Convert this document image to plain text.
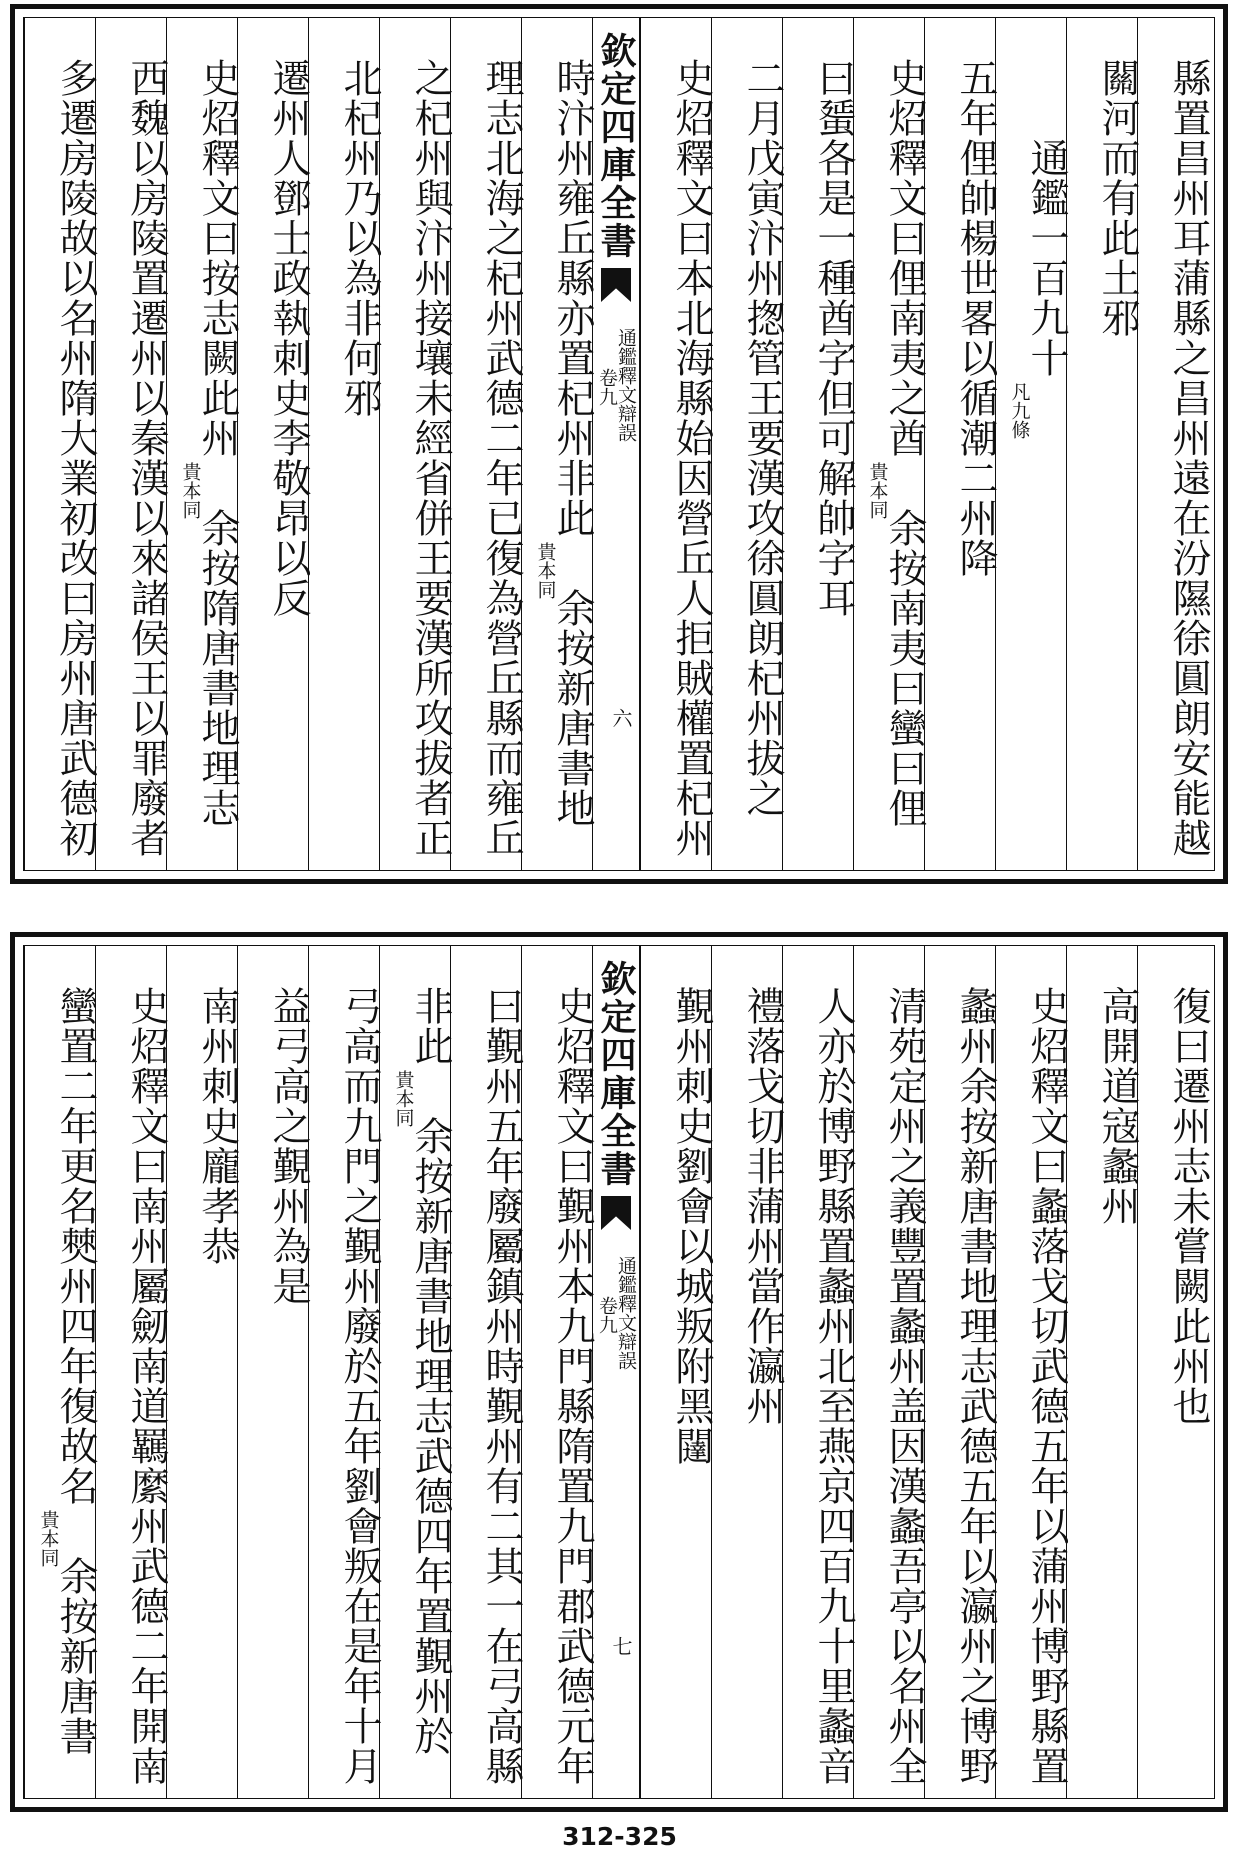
縣置昌州耳蒲縣之昌州遠在汾隰徐圓朗安能越
關河而有此土邪
通鑑一百九十
凡九條
五年俚帥楊世畧以循潮二州降
史炤釋文曰俚南夷之酋
貴本同
余按南夷曰蠻曰俚
曰蜑各是一種酋字但可解帥字耳
二月戊寅汴州揔管王要漢攻徐圓朗杞州拔之
史炤釋文曰本北海縣始因營丘人拒賊權置杞州
時汴州雍丘縣亦置杞州非此
貴本同
余按新唐書地
理志北海之杞州武德二年已復為營丘縣而雍丘
之杞州與汴州接壤未經省併王要漢所攻拔者正
北杞州乃以為非何邪
遷州人鄧士政執刺史李敬昂以反
史炤釋文曰按志闕此州
貴本同
余按隋唐書地理志
西魏以房陵置遷州以秦漢以來諸侯王以罪廢者
多遷房陵故以名州隋大業初改曰房州唐武德初	欽定四庫全書
通鑑釋文辯誤
卷九
六
復曰遷州志未嘗闕此州也
高開道寇蠡州
史炤釋文曰蠡落戈切武德五年以蒲州博野縣置
蠡州余按新唐書地理志武德五年以瀛州之博野
清苑定州之義豐置蠡州盖因漢蠡吾亭以名州全
人亦於博野縣置蠡州北至燕京四百九十里蠡音
禮落戈切非蒲州當作瀛州
覲州刺史劉會以城叛附黑闥
史炤釋文曰覲州本九門縣隋置九門郡武德元年
曰覲州五年廢屬鎮州時覲州有二其一在弓高縣
非此
貴本同
余按新唐書地理志武德四年置覲州於
弓高而九門之覲州廢於五年劉會叛在是年十月
益弓高之覲州為是
南州刺史龐孝恭
史炤釋文曰南州屬劒南道羈縻州武德二年開南
蠻置二年更名僰州四年復故名
貴本同
余按新唐書
欽定四庫全書
通鑑釋文辯誤
卷九
七
312-325
